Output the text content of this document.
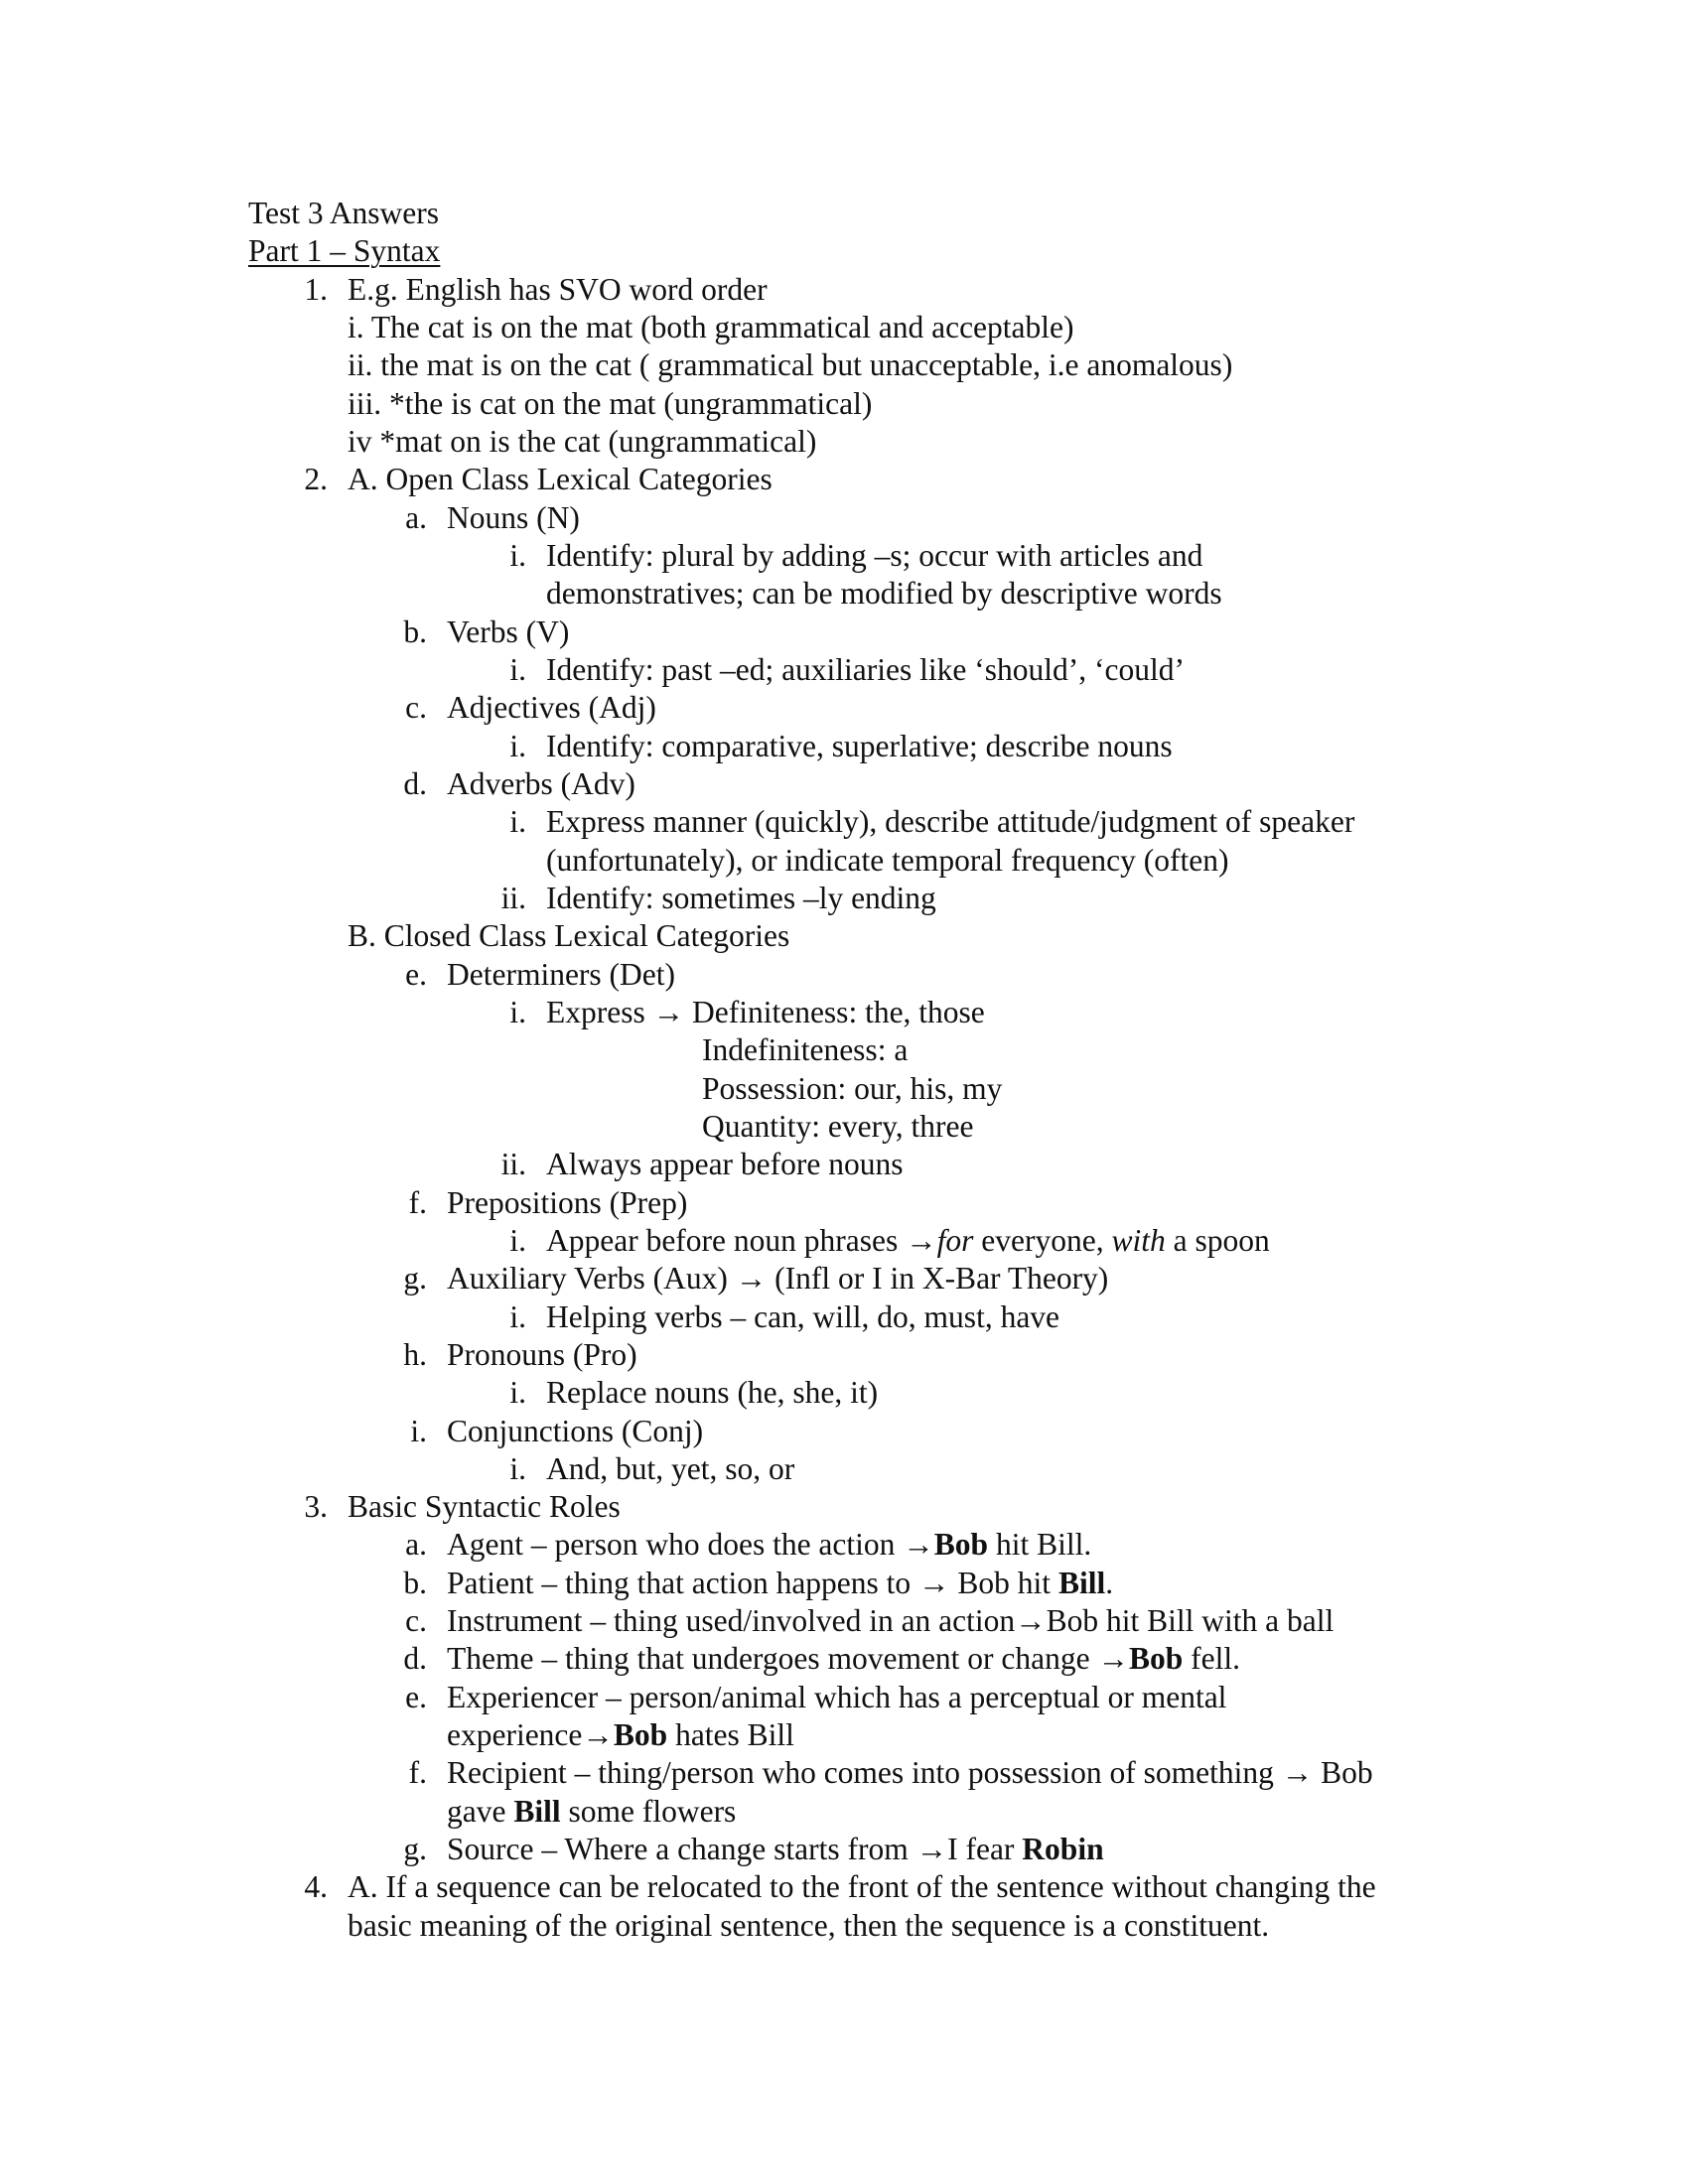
Test 3 Answers
Part 1 – Syntax
1. E.g. English has SVO word order
i. The cat is on the mat (both grammatical and acceptable)
ii. the mat is on the cat ( grammatical but unacceptable, i.e anomalous)
iii. *the is cat on the mat (ungrammatical)
iv *mat on is the cat (ungrammatical)
2. A. Open Class Lexical Categories
a. Nouns (N)
i. Identify: plural by adding –s; occur with articles and
demonstratives; can be modified by descriptive words
b. Verbs (V)
i. Identify: past –ed; auxiliaries like ‘should’, ‘could’
c. Adjectives (Adj)
i. Identify: comparative, superlative; describe nouns
d. Adverbs (Adv)
i. Express manner (quickly), describe attitude/judgment of speaker
(unfortunately), or indicate temporal frequency (often)
ii. Identify: sometimes –ly ending
B. Closed Class Lexical Categories
e. Determiners (Det)
i. Express → Definiteness: the, those
Indefiniteness: a
Possession: our, his, my
Quantity: every, three
ii. Always appear before nouns
f. Prepositions (Prep)
i. Appear before noun phrases →for everyone, with a spoon
g. Auxiliary Verbs (Aux) → (Infl or I in X-Bar Theory)
i. Helping verbs – can, will, do, must, have
h. Pronouns (Pro)
i. Replace nouns (he, she, it)
i. Conjunctions (Conj)
i. And, but, yet, so, or
3. Basic Syntactic Roles
a. Agent – person who does the action →Bob hit Bill.
b. Patient – thing that action happens to → Bob hit Bill.
c. Instrument – thing used/involved in an action→Bob hit Bill with a ball
d. Theme – thing that undergoes movement or change →Bob fell.
e. Experiencer – person/animal which has a perceptual or mental
experience→Bob hates Bill
f. Recipient – thing/person who comes into possession of something → Bob
gave Bill some flowers
g. Source – Where a change starts from →I fear Robin
4. A. If a sequence can be relocated to the front of the sentence without changing the
basic meaning of the original sentence, then the sequence is a constituent.
